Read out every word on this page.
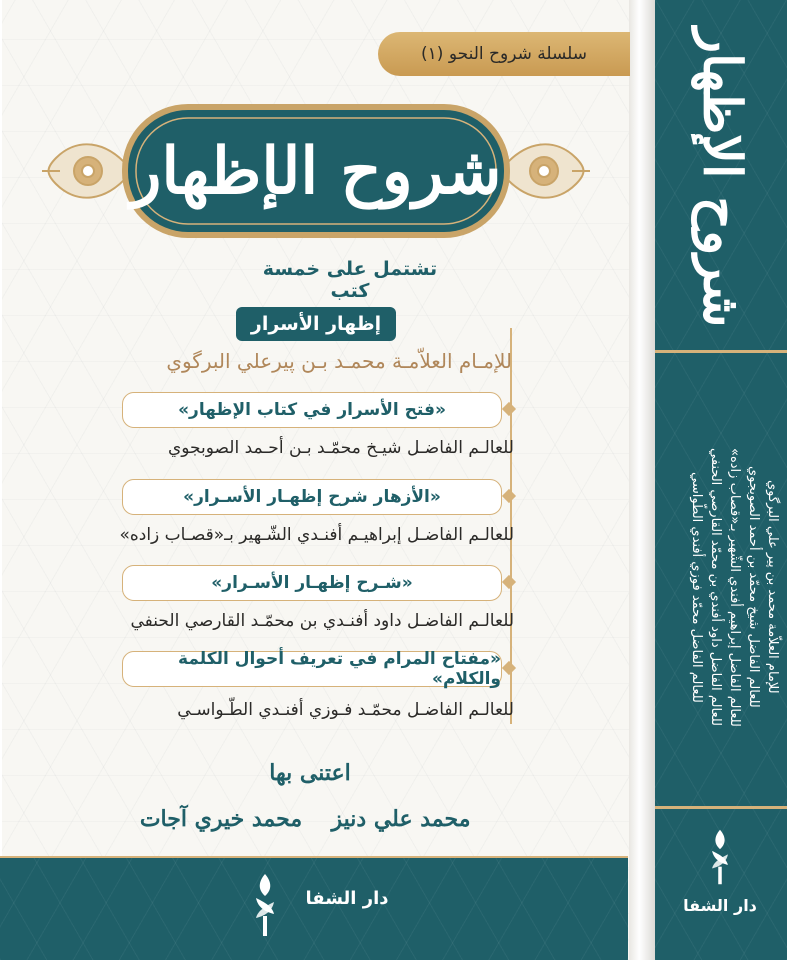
سلسلة شروح النحو (١)
شروح الإظهار
تشتمل على خمسة كتب
إظهار الأسرار
للإمـام العلاّمـة محمـد بـن پيرعلي البرگوي
«فتح الأسرار في كتاب الإظهار»
للعالـم الفاضـل شيـخ محمّـد بـن أحـمد الصوبجوي
«الأزهار شرح إظهـار الأسـرار»
للعالـم الفاضـل إبراهيـم أفنـدي الشّـهير بـ«قصـاب زاده»
«شـرح إظهـار الأسـرار»
للعالـم الفاضـل داود أفنـدي بن محمّـد القارصي الحنفي
«مفتاح المرام في تعريف أحوال الكلمة والكلام»
للعالـم الفاضـل محمّـد فـوزي أفنـدي الطّـواسـي
اعتنى بها
محمد علي دنيز
محمد خيري آجات
دار الشفا
شروح الإظهار
للإمام العلاّمة محمد بن پير علي البرگوي
للعالم الفاضل شيخ محمّد بن أحمد الصوبجوي
للعالم الفاضل إبراهيم أفندي الشّهير بـ«قصاب زاده»
للعالم الفاضل داود أفندي بن محمّد القارصي الحنفي
للعالم الفاضل محمّد فوزي أفندي الطّواسي
دار الشفا
